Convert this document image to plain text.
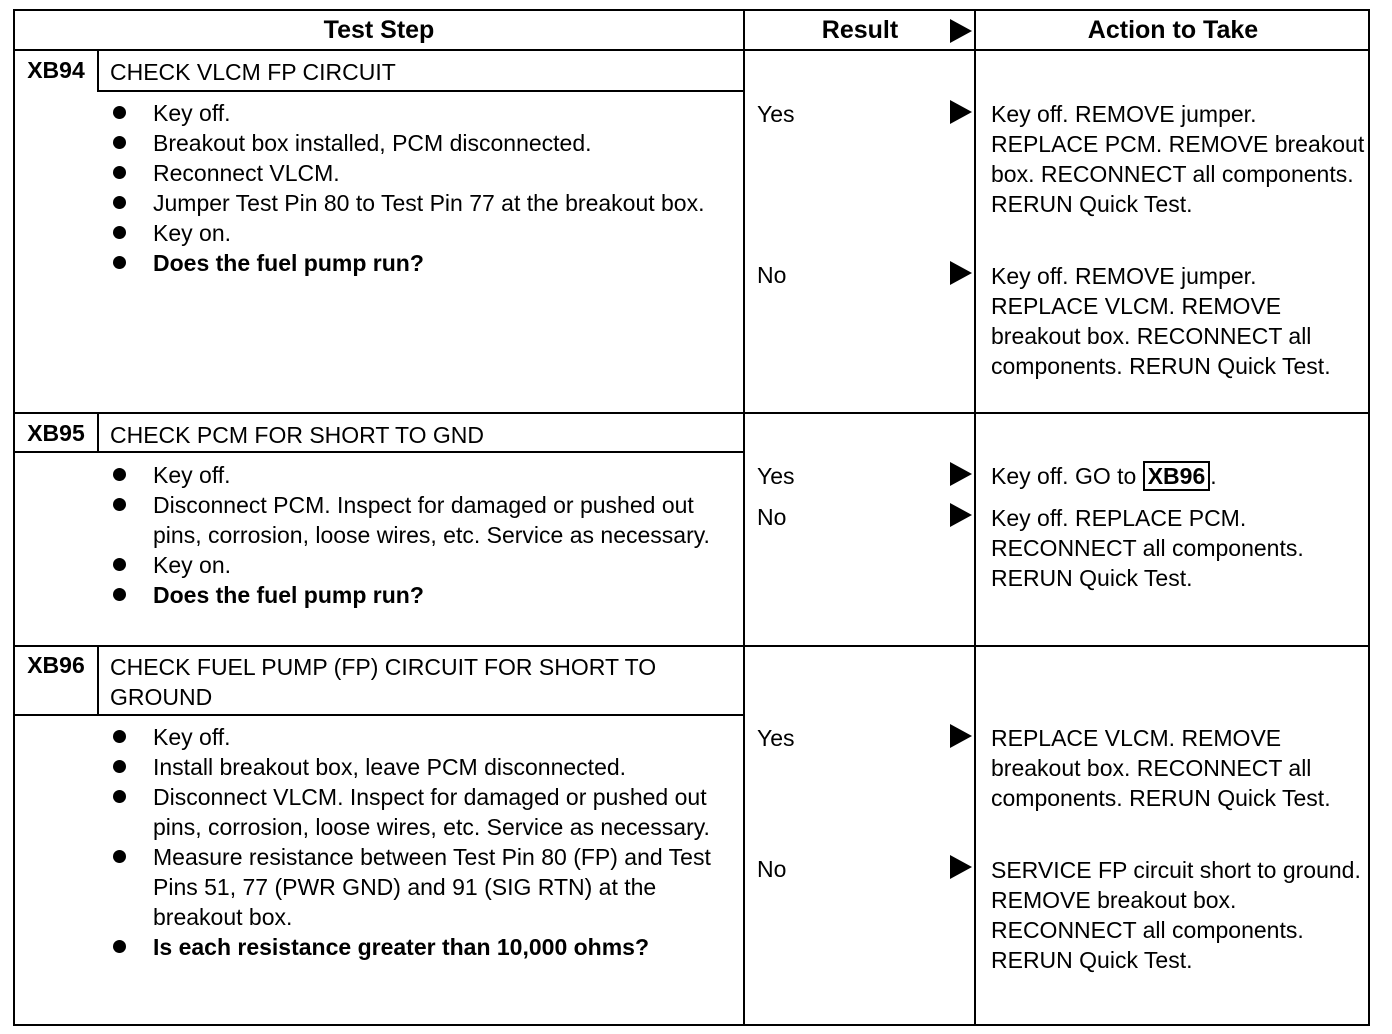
Test Step	Result	Action to Take
XB94	CHECK VLCM FP CIRCUIT
Key off.
Breakout box installed, PCM disconnected.
Reconnect VLCM.
Jumper Test Pin 80 to Test Pin 77 at the breakout box.
Key on.
Does the fuel pump run?
Yes	Key off. REMOVE jumper. REPLACE PCM. REMOVE breakout box. RECONNECT all components. RERUN Quick Test.
No	Key off. REMOVE jumper. REPLACE VLCM. REMOVE breakout box. RECONNECT all components. RERUN Quick Test.
XB95	CHECK PCM FOR SHORT TO GND
Key off.
Disconnect PCM. Inspect for damaged or pushed out pins, corrosion, loose wires, etc. Service as necessary.
Key on.
Does the fuel pump run?
Yes	Key off. GO to XB96 .
No	Key off. REPLACE PCM. RECONNECT all components. RERUN Quick Test.
XB96	CHECK FUEL PUMP (FP) CIRCUIT FOR SHORT TO GROUND
Key off.
Install breakout box, leave PCM disconnected.
Disconnect VLCM. Inspect for damaged or pushed out pins, corrosion, loose wires, etc. Service as necessary.
Measure resistance between Test Pin 80 (FP) and Test Pins 51, 77 (PWR GND) and 91 (SIG RTN) at the breakout box.
Is each resistance greater than 10,000 ohms?
Yes	REPLACE VLCM. REMOVE breakout box. RECONNECT all components. RERUN Quick Test.
No	SERVICE FP circuit short to ground. REMOVE breakout box. RECONNECT all components. RERUN Quick Test.
